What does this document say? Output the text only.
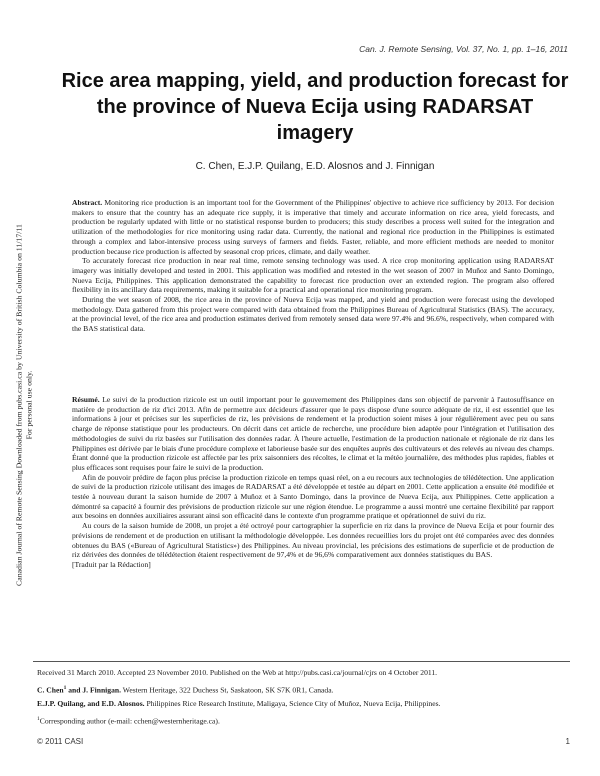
Can. J. Remote Sensing, Vol. 37, No. 1, pp. 1–16, 2011
Rice area mapping, yield, and production forecast for the province of Nueva Ecija using RADARSAT imagery
C. Chen, E.J.P. Quilang, E.D. Alosnos and J. Finnigan
Canadian Journal of Remote Sensing Downloaded from pubs.casi.ca by University of British Columbia on 11/17/11 For personal use only.

Abstract. Monitoring rice production is an important tool for the Government of the Philippines' objective to achieve rice sufficiency by 2013. For decision makers to ensure that the country has an adequate rice supply, it is imperative that timely and accurate information on rice area, yield forecasts, and production be regularly updated with little or no statistical response burden to producers; this study describes a process well suited for the integration and utilization of the methodologies for rice monitoring using radar data. Currently, the national and regional rice production in the Philippines is estimated through a complex and labor-intensive process using surveys of farmers and fields. Faster, reliable, and more efficient methods are needed to monitor production because rice production is affected by seasonal crop prices, climate, and daily weather.

To accurately forecast rice production in near real time, remote sensing technology was used. A rice crop monitoring application using RADARSAT imagery was initially developed and tested in 2001. This application was modified and retested in the wet season of 2007 in Muñoz and Santo Domingo, Nueva Ecija, Philippines. This application demonstrated the capability to forecast rice production over an extended region. The program also offered flexibility in its ancillary data requirements, making it suitable for a practical and operational rice monitoring program.

During the wet season of 2008, the rice area in the province of Nueva Ecija was mapped, and yield and production were forecast using the developed methodology. Data gathered from this project were compared with data obtained from the Philippines Bureau of Agricultural Statistics (BAS). The accuracy, at the provincial level, of the rice area and production estimates derived from remotely sensed data were 97.4% and 96.6%, respectively, when compared with the BAS statistical data.

Résumé. Le suivi de la production rizicole est un outil important pour le gouvernement des Philippines dans son objectif de parvenir à l'autosuffisance en matière de production de riz d'ici 2013. Afin de permettre aux décideurs d'assurer que le pays dispose d'une source adéquate de riz, il est essentiel que les informations à jour et précises sur les superficies de riz, les prévisions de rendement et la production soient mises à jour régulièrement avec peu ou sans charge de réponse statistique pour les producteurs. On décrit dans cet article de recherche, une procédure bien adaptée pour l'intégration et l'utilisation des méthodologies de suivi du riz basées sur l'utilisation des données radar. À l'heure actuelle, l'estimation de la production nationale et régionale de riz dans les Philippines est dérivée par le biais d'une procédure complexe et laborieuse basée sur des enquêtes auprès des cultivateurs et des relevés au niveau des champs. Étant donné que la production rizicole est affectée par les prix saisonniers des récoltes, le climat et la météo journalière, des méthodes plus rapides, fiables et plus efficaces sont requises pour faire le suivi de la production.

Afin de pouvoir prédire de façon plus précise la production rizicole en temps quasi réel, on a eu recours aux technologies de télédétection. Une application de suivi de la production rizicole utilisant des images de RADARSAT a été développée et testée au départ en 2001. Cette application a ensuite été modifiée et testée à nouveau durant la saison humide de 2007 à Muñoz et à Santo Domingo, dans la province de Nueva Ecija, aux Philippines. Cette application a démontré sa capacité à fournir des prévisions de production rizicole sur une région étendue. Le programme a aussi montré une certaine flexibilité par rapport aux besoins en données auxiliaires assurant ainsi son efficacité dans le contexte d'un programme pratique et opérationnel de suivi du riz.

Au cours de la saison humide de 2008, un projet a été octroyé pour cartographier la superficie en riz dans la province de Nueva Ecija et pour fournir des prévisions de rendement et de production en utilisant la méthodologie développée. Les données recueillies lors du projet ont été comparées avec des données obtenues du BAS («Bureau of Agricultural Statistics») des Philippines. Au niveau provincial, les précisions des estimations de superficie et de production de riz dérivées des données de télédétection étaient respectivement de 97,4% et de 96,6% comparativement aux données statistiques du BAS.

[Traduit par la Rédaction]

Received 31 March 2010. Accepted 23 November 2010. Published on the Web at http://pubs.casi.ca/journal/cjrs on 4 October 2011.
C. Chen$^1$ and J. Finnigan. Western Heritage, 322 Duchess St, Saskatoon, SK S7K 0R1, Canada.
E.J.P. Quilang, and E.D. Alosnos. Philippines Rice Research Institute, Maligaya, Science City of Muñoz, Nueva Ecija, Philippines.
$^1$Corresponding author (e-mail: cchen@westernheritage.ca).
© 2011 CASI	1
